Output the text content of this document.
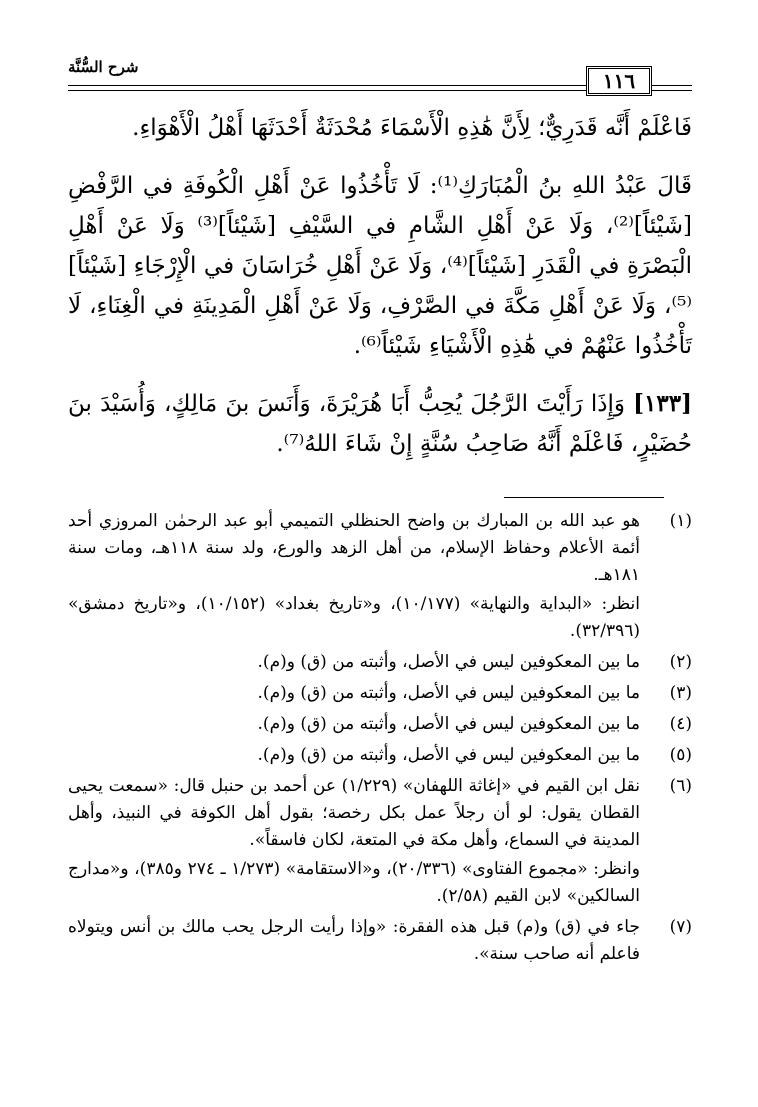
شرح السُّنَّة
١١٦

فَاعْلَمْ أَنَّه قَدَرِيٌّ؛ لِأَنَّ هَٰذِهِ الْأَسْمَاءَ مُحْدَثَةٌ أَحْدَثَهَا أَهْلُ الْأَهْوَاءِ.

قَالَ عَبْدُ اللهِ بنُ الْمُبَارَكِ⁽¹⁾: لَا تَأْخُذُوا عَنْ أَهْلِ الْكُوفَةِ في الرَّفْضِ [شَيْئاً]⁽²⁾، وَلَا عَنْ أَهْلِ الشَّامِ في السَّيْفِ [شَيْئاً]⁽³⁾ وَلَا عَنْ أَهْلِ الْبَصْرَةِ في الْقَدَرِ [شَيْئاً]⁽⁴⁾، وَلَا عَنْ أَهْلِ خُرَاسَانَ في الْإِرْجَاءِ [شَيْئاً]⁽⁵⁾، وَلَا عَنْ أَهْلِ مَكَّةَ في الصَّرْفِ، وَلَا عَنْ أَهْلِ الْمَدِينَةِ في الْغِنَاءِ، لَا تَأْخُذُوا عَنْهُمْ في هَٰذِهِ الْأَشْيَاءِ شَيْئاً⁽⁶⁾.

[١٣٣] وَإِذَا رَأَيْتَ الرَّجُلَ يُحِبُّ أَبَا هُرَيْرَةَ، وَأَنَسَ بنَ مَالِكٍ، وَأُسَيْدَ بنَ حُضَيْرٍ، فَاعْلَمْ أَنَّهُ صَاحِبُ سُنَّةٍ إِنْ شَاءَ اللهُ⁽⁷⁾.

(١)

هو عبد الله بن المبارك بن واضح الحنظلي التميمي أبو عبد الرحمٰن المروزي أحد أئمة الأعلام وحفاظ الإسلام، من أهل الزهد والورع، ولد سنة ١١٨هـ، ومات سنة ١٨١هـ.

انظر: «البداية والنهاية» (١٠/١٧٧)، و«تاريخ بغداد» (١٠/١٥٢)، و«تاريخ دمشق» (٣٢/٣٩٦).

(٢)

ما بين المعكوفين ليس في الأصل، وأثبته من (ق) و(م).

(٣)

ما بين المعكوفين ليس في الأصل، وأثبته من (ق) و(م).

(٤)

ما بين المعكوفين ليس في الأصل، وأثبته من (ق) و(م).

(٥)

ما بين المعكوفين ليس في الأصل، وأثبته من (ق) و(م).

(٦)

نقل ابن القيم في «إغاثة اللهفان» (١/٢٢٩) عن أحمد بن حنبل قال: «سمعت يحيى القطان يقول: لو أن رجلاً عمل بكل رخصة؛ بقول أهل الكوفة في النبيذ، وأهل المدينة في السماع، وأهل مكة في المتعة، لكان فاسقاً».

وانظر: «مجموع الفتاوى» (٢٠/٣٣٦)، و«الاستقامة» (١/٢٧٣ ـ ٢٧٤ و٣٨٥)، و«مدارج السالكين» لابن القيم (٢/٥٨).

(٧)

جاء في (ق) و(م) قبل هذه الفقرة: «وإذا رأيت الرجل يحب مالك بن أنس ويتولاه فاعلم أنه صاحب سنة».
